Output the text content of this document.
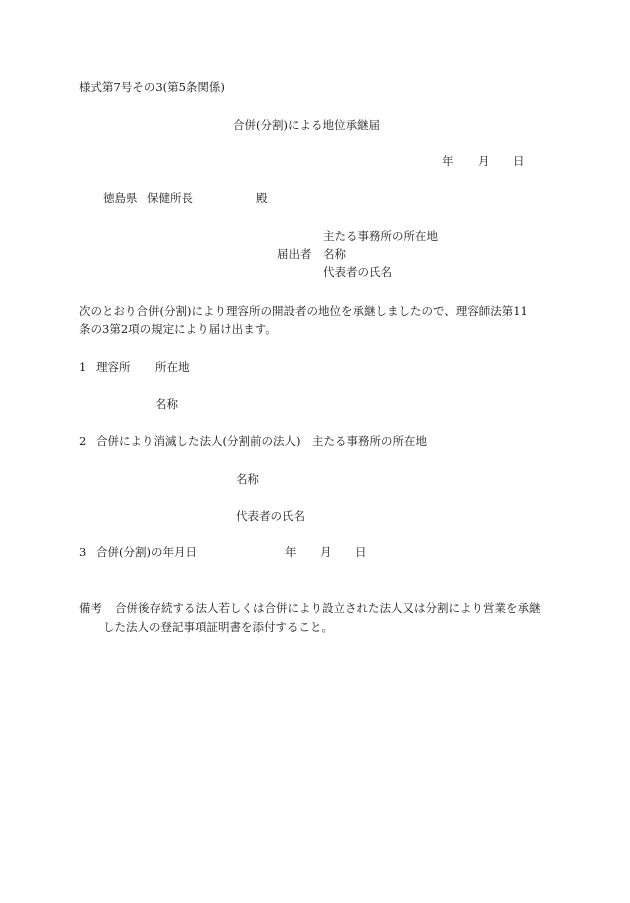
様式第7号その3(第5条関係)
合併(分割)による地位承継届
年 月 日
徳島県 保健所長	殿
主たる事務所の所在地
届出者 名称
代表者の氏名
次のとおり合併(分割)により理容所の開設者の地位を承継しましたので、理容師法第11
条の3第2項の規定により届け出ます。
1 理容所 所在地
名称
2 合併により消滅した法人(分割前の法人)　主たる事務所の所在地
名称
代表者の氏名
3 合併(分割)の年月日	年 月 日
備考 合併後存続する法人若しくは合併により設立された法人又は分割により営業を承継
した法人の登記事項証明書を添付すること。
